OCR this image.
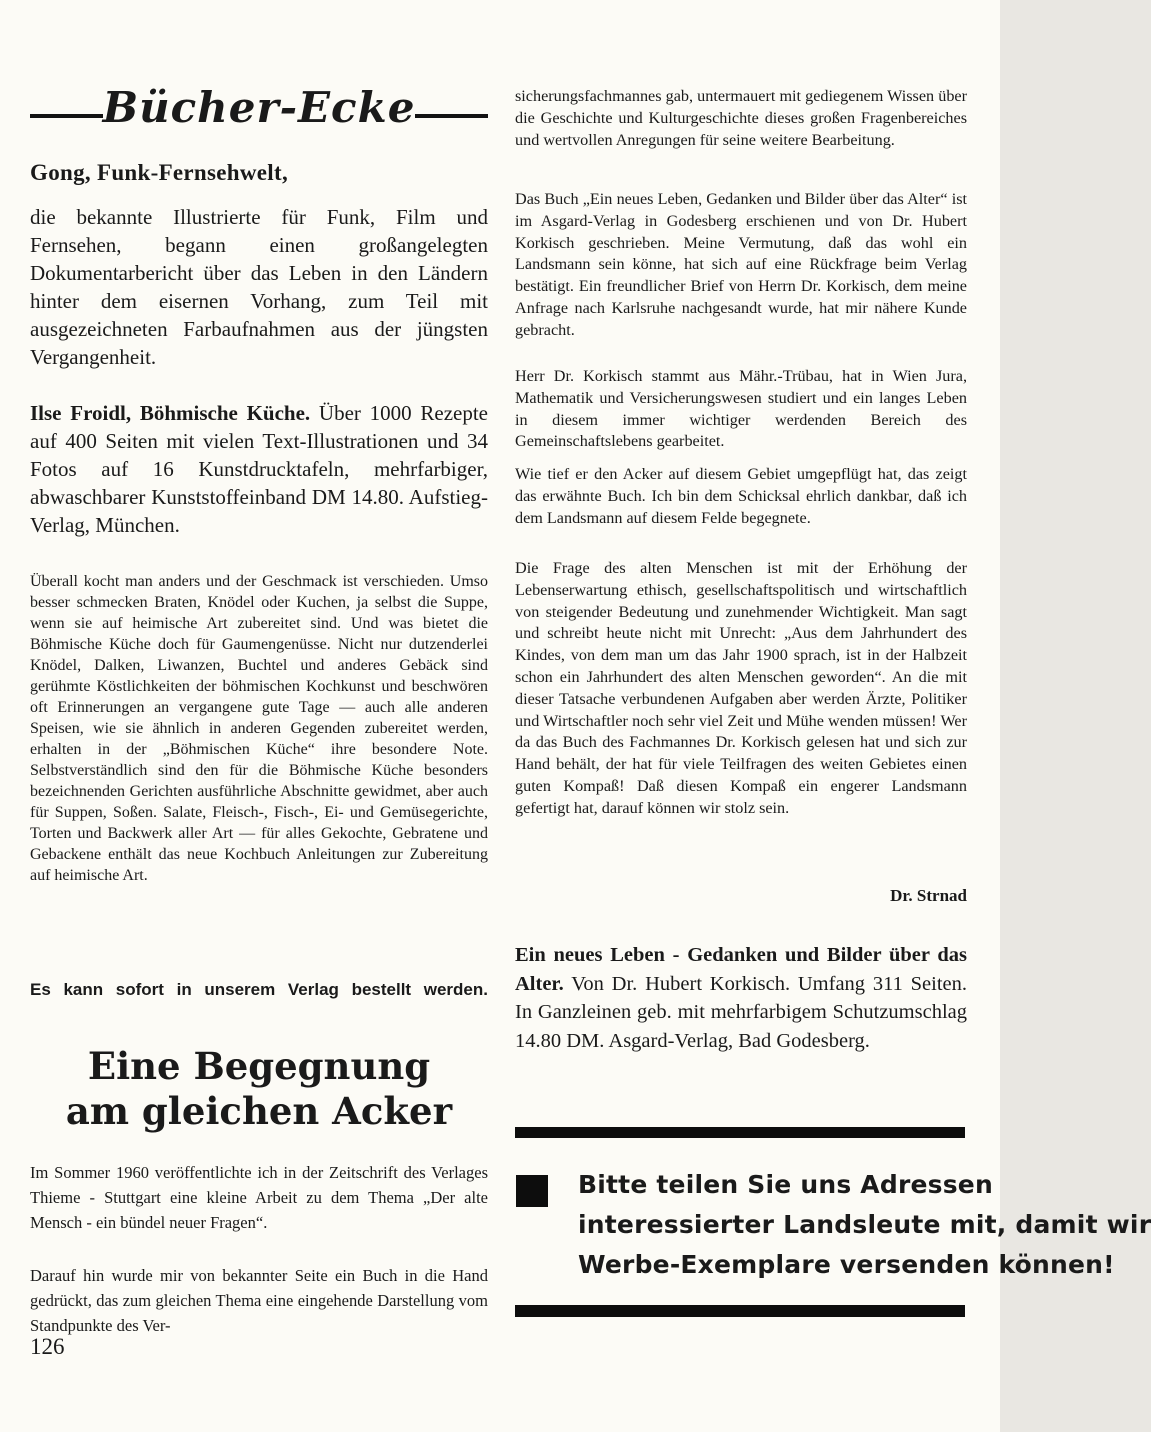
Bücher-Ecke
Gong, Funk-Fernsehwelt,

die bekannte Illustrierte für Funk, Film und Fernsehen, begann einen großangelegten Dokumentarbericht über das Leben in den Ländern hinter dem eisernen Vorhang, zum Teil mit ausgezeichneten Farbaufnahmen aus der jüngsten Vergangenheit.

Ilse Froidl, Böhmische Küche. Über 1000 Rezepte auf 400 Seiten mit vielen Text-Illustrationen und 34 Fotos auf 16 Kunstdrucktafeln, mehrfarbiger, abwaschbarer Kunststoffeinband DM 14.80. Aufstieg-Verlag, München.

Überall kocht man anders und der Geschmack ist verschieden. Umso besser schmecken Braten, Knödel oder Kuchen, ja selbst die Suppe, wenn sie auf heimische Art zubereitet sind. Und was bietet die Böhmische Küche doch für Gaumengenüsse. Nicht nur dutzenderlei Knödel, Dalken, Liwanzen, Buchtel und anderes Gebäck sind gerühmte Köstlichkeiten der böhmischen Kochkunst und beschwören oft Erinnerungen an vergangene gute Tage — auch alle anderen Speisen, wie sie ähnlich in anderen Gegenden zubereitet werden, erhalten in der „Böhmischen Küche“ ihre besondere Note. Selbstverständlich sind den für die Böhmische Küche besonders bezeichnenden Gerichten ausführliche Abschnitte gewidmet, aber auch für Suppen, Soßen. Salate, Fleisch-, Fisch-, Ei- und Gemüsegerichte, Torten und Backwerk aller Art — für alles Gekochte, Gebratene und Gebackene enthält das neue Kochbuch Anleitungen zur Zubereitung auf heimische Art.

Es kann sofort in unserem Verlag bestellt werden.

Eine Begegnung
am gleichen Acker

Im Sommer 1960 veröffentlichte ich in der Zeitschrift des Verlages Thieme - Stuttgart eine kleine Arbeit zu dem Thema „Der alte Mensch - ein bündel neuer Fragen“.

Darauf hin wurde mir von bekannter Seite ein Buch in die Hand gedrückt, das zum gleichen Thema eine eingehende Darstellung vom Standpunkte des Ver-

126

sicherungsfachmannes gab, untermauert mit gediegenem Wissen über die Geschichte und Kulturgeschichte dieses großen Fragenbereiches und wertvollen Anregungen für seine weitere Bearbeitung.

Das Buch „Ein neues Leben, Gedanken und Bilder über das Alter“ ist im Asgard-Verlag in Godesberg erschienen und von Dr. Hubert Korkisch geschrieben. Meine Vermutung, daß das wohl ein Landsmann sein könne, hat sich auf eine Rückfrage beim Verlag bestätigt. Ein freundlicher Brief von Herrn Dr. Korkisch, dem meine Anfrage nach Karlsruhe nachgesandt wurde, hat mir nähere Kunde gebracht.

Herr Dr. Korkisch stammt aus Mähr.-Trübau, hat in Wien Jura, Mathematik und Versicherungswesen studiert und ein langes Leben in diesem immer wichtiger werdenden Bereich des Gemeinschaftslebens gearbeitet.

Wie tief er den Acker auf diesem Gebiet umgepflügt hat, das zeigt das erwähnte Buch. Ich bin dem Schicksal ehrlich dankbar, daß ich dem Landsmann auf diesem Felde begegnete.

Die Frage des alten Menschen ist mit der Erhöhung der Lebenserwartung ethisch, gesellschaftspolitisch und wirtschaftlich von steigender Bedeutung und zunehmender Wichtigkeit. Man sagt und schreibt heute nicht mit Unrecht: „Aus dem Jahrhundert des Kindes, von dem man um das Jahr 1900 sprach, ist in der Halbzeit schon ein Jahrhundert des alten Menschen geworden“. An die mit dieser Tatsache verbundenen Aufgaben aber werden Ärzte, Politiker und Wirtschaftler noch sehr viel Zeit und Mühe wenden müssen! Wer da das Buch des Fachmannes Dr. Korkisch gelesen hat und sich zur Hand behält, der hat für viele Teilfragen des weiten Gebietes einen guten Kompaß! Daß diesen Kompaß ein engerer Landsmann gefertigt hat, darauf können wir stolz sein.

Dr. Strnad

Ein neues Leben - Gedanken und Bilder über das Alter. Von Dr. Hubert Korkisch. Umfang 311 Seiten. In Ganzleinen geb. mit mehrfarbigem Schutzumschlag 14.80 DM. Asgard-Verlag, Bad Godesberg.

Bitte teilen Sie uns Adressen
interessierter Landsleute mit, damit wir
Werbe-Exemplare versenden können!
